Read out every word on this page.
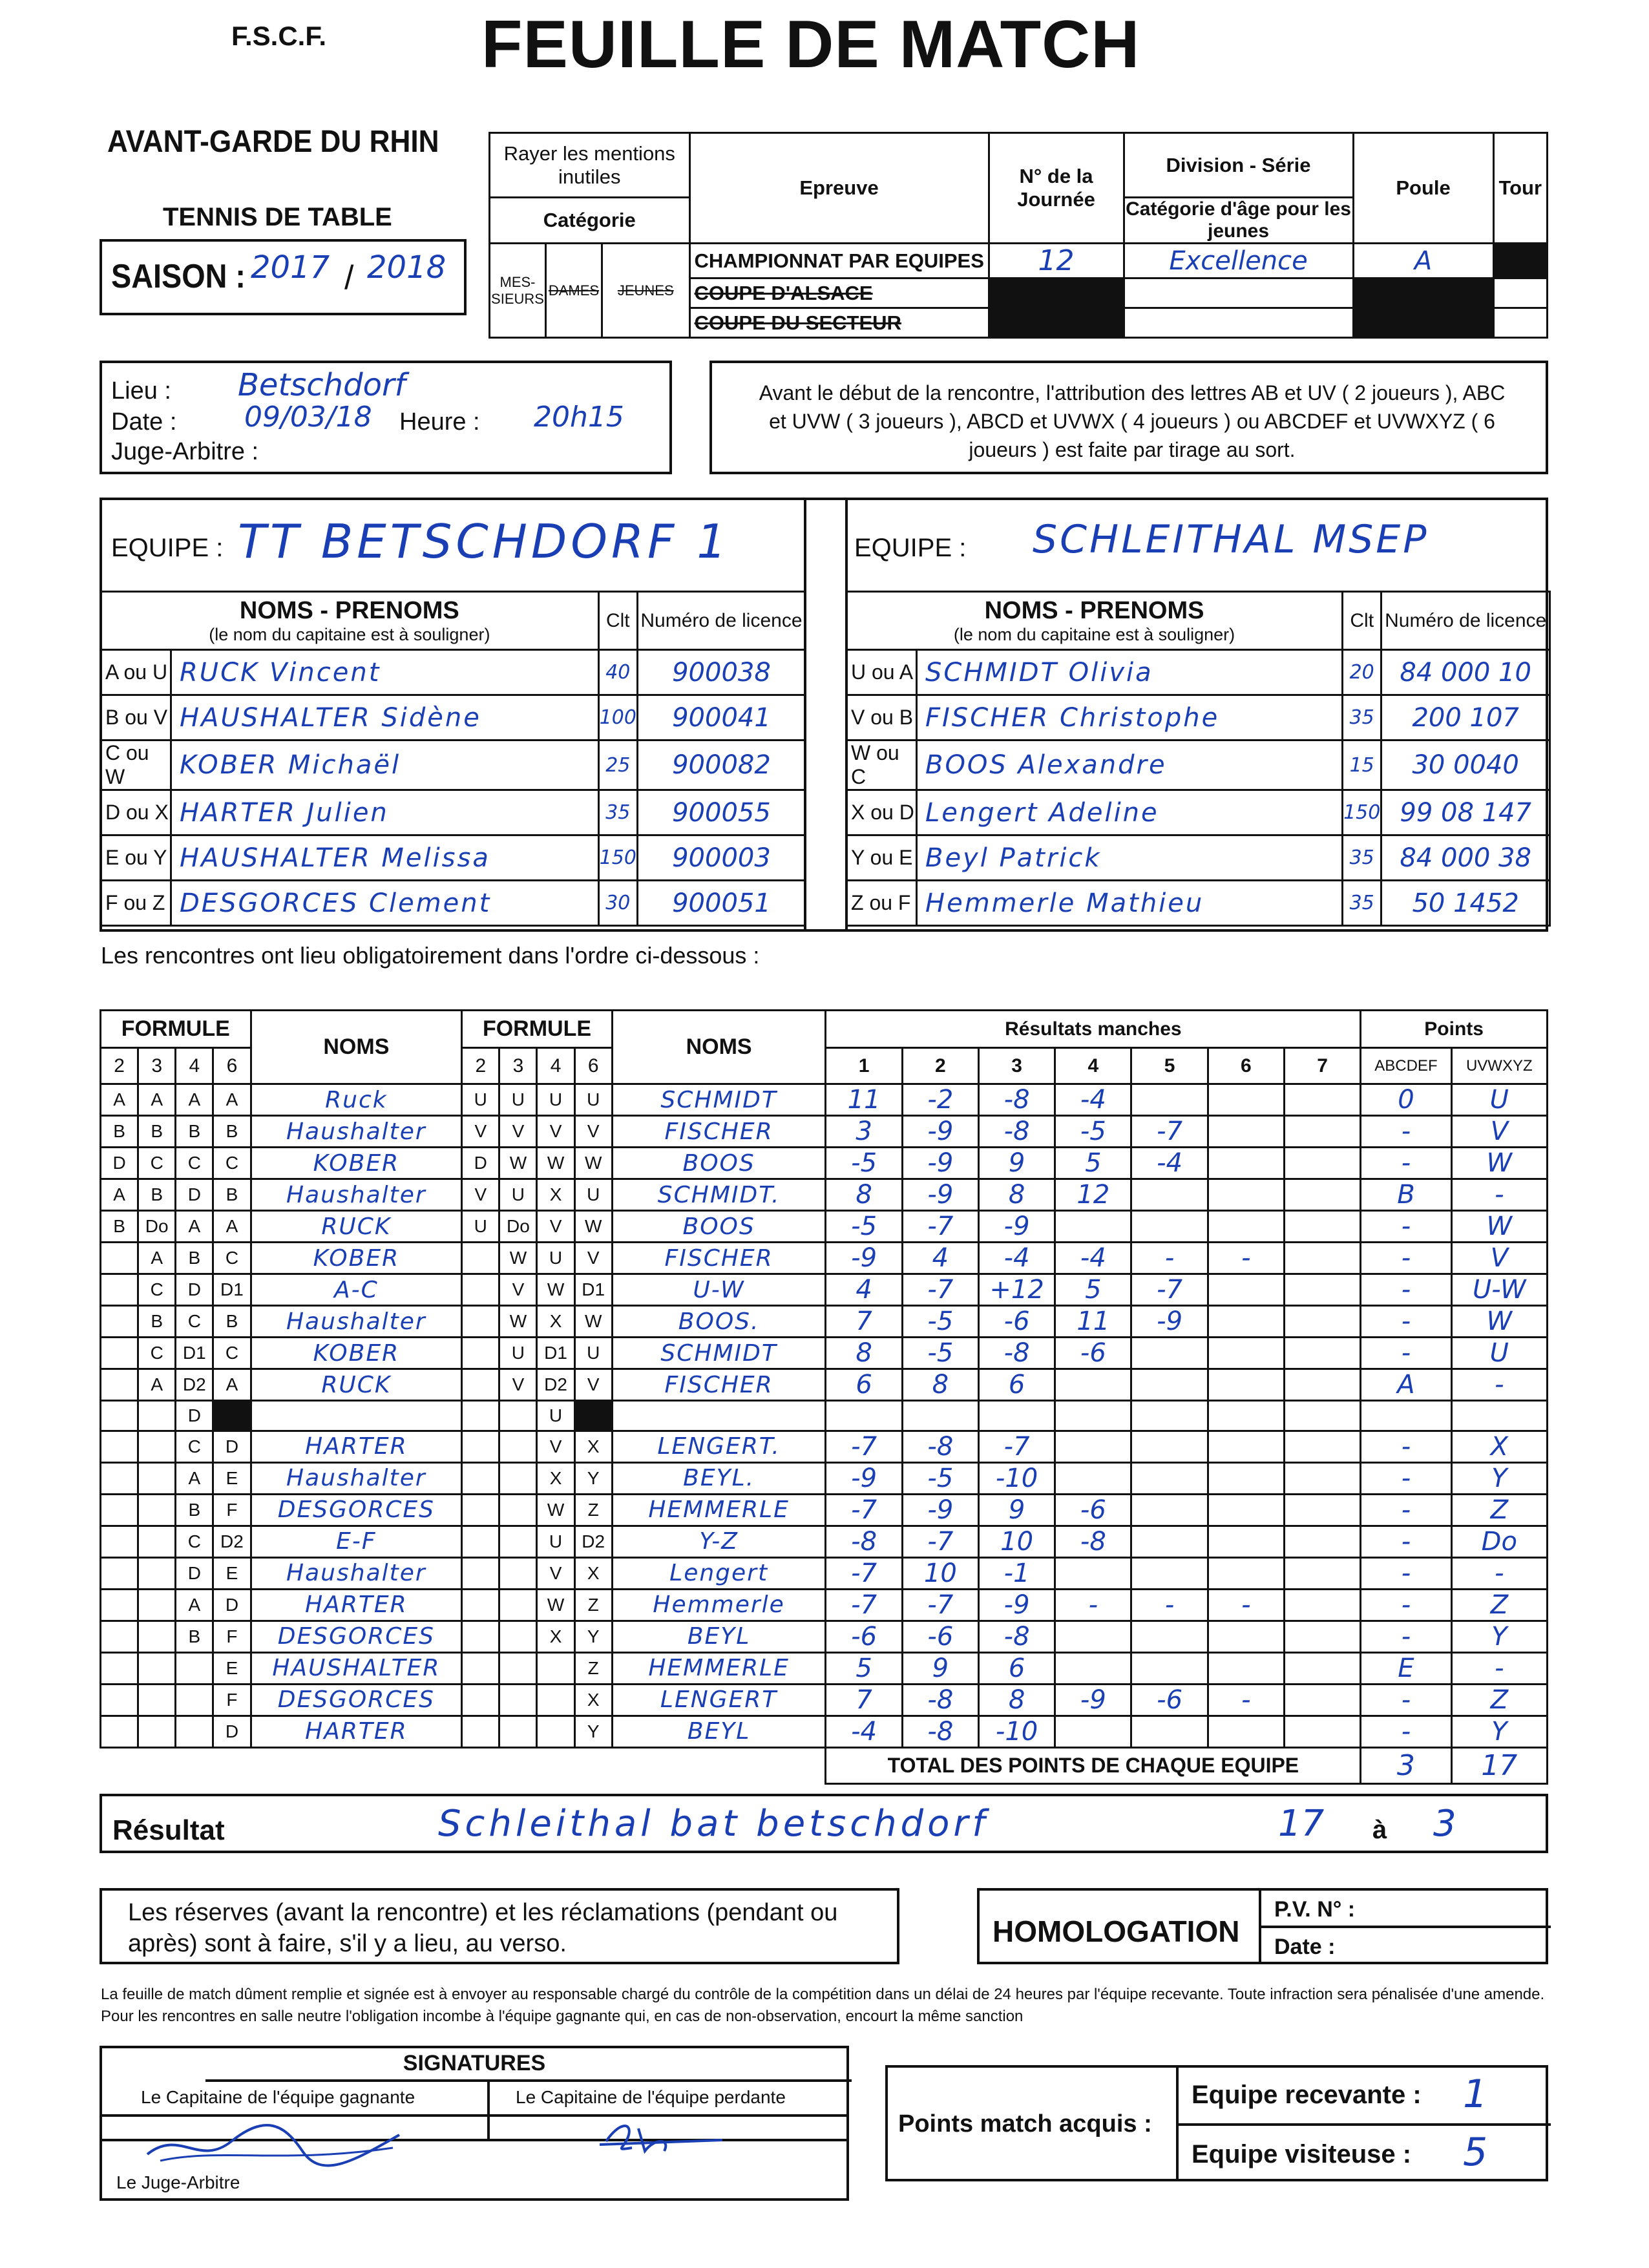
F.S.C.F. FEUILLE DE MATCH
AVANT-GARDE DU RHIN
TENNIS DE TABLE
SAISON : 2017 / 2018
Rayer les mentions inutiles			Epreuve	N° de la Journée	Division - Série	Poule	Tour
Catégorie					Catégorie d'âge pour les jeunes		
MES-SIEURS	DAMES	JEUNES	CHAMPIONNAT PAR EQUIPES	12	Excellence	A	
			COUPE D'ALSACE				
			COUPE DU SECTEUR				
Lieu : Betschdorf
Date : 09/03/18 Heure : 20h15
Juge-Arbitre :
Avant le début de la rencontre, l'attribution des lettres AB et UV ( 2 joueurs ), ABC et UVW ( 3 joueurs ), ABCD et UVWX ( 4 joueurs ) ou ABCDEF et UVWXYZ ( 6 joueurs ) est faite par tirage au sort.
EQUIPE : TT BETSCHDORF 1
NOMS - PRENOMS
(le nom du capitaine est à souligner)		Clt	Numéro de licence
A ou U	RUCK Vincent	40	900038
B ou V	HAUSHALTER Sidène	100	900041
C ou W	KOBER Michaël	25	900082
D ou X	HARTER Julien	35	900055
E ou Y	HAUSHALTER Melissa	150	900003
F ou Z	DESGORCES Clement	30	900051
EQUIPE : SCHLEITHAL MSEP
NOMS - PRENOMS
(le nom du capitaine est à souligner)		Clt	Numéro de licence
U ou A	SCHMIDT Olivia	20	84 000 10
V ou B	FISCHER Christophe	35	200 107
W ou C	BOOS Alexandre	15	30 0040
X ou D	Lengert Adeline	150	99 08 147
Y ou E	Beyl Patrick	35	84 000 38
Z ou F	Hemmerle Mathieu	35	50 1452
Les rencontres ont lieu obligatoirement dans l'ordre ci-dessous :
FORMULE				NOMS	FORMULE				NOMS	Résultats manches							Points	
2	3	4	6		2	3	4	6		1	2	3	4	5	6	7	ABCDEF	UVWXYZ
A	A	A	A	Ruck	U	U	U	U	SCHMIDT	11	-2	-8	-4				0	U
B	B	B	B	Haushalter	V	V	V	V	FISCHER	3	-9	-8	-5	-7			-	V
D	C	C	C	KOBER	D	W	W	W	BOOS	-5	-9	9	5	-4			-	W
A	B	D	B	Haushalter	V	U	X	U	SCHMIDT.	8	-9	8	12				B	-
B	Do	A	A	RUCK	U	Do	V	W	BOOS	-5	-7	-9					-	W
	A	B	C	KOBER		W	U	V	FISCHER	-9	4	-4	-4	-	-		-	V
	C	D	D1	A-C		V	W	D1	U-W	4	-7	+12	5	-7			-	U-W
	B	C	B	Haushalter		W	X	W	BOOS.	7	-5	-6	11	-9			-	W
	C	D1	C	KOBER		U	D1	U	SCHMIDT	8	-5	-8	-6				-	U
	A	D2	A	RUCK		V	D2	V	FISCHER	6	8	6					A	-
		D					U											
		C	D	HARTER			V	X	LENGERT.	-7	-8	-7					-	X
		A	E	Haushalter			X	Y	BEYL.	-9	-5	-10					-	Y
		B	F	DESGORCES			W	Z	HEMMERLE	-7	-9	9	-6				-	Z
		C	D2	E-F			U	D2	Y-Z	-8	-7	10	-8				-	Do
		D	E	Haushalter			V	X	Lengert	-7	10	-1					-	-
		A	D	HARTER			W	Z	Hemmerle	-7	-7	-9	-	-	-		-	Z
		B	F	DESGORCES			X	Y	BEYL	-6	-6	-8					-	Y
			E	HAUSHALTER				Z	HEMMERLE	5	9	6					E	-
			F	DESGORCES				X	LENGERT	7	-8	8	-9	-6	-		-	Z
			D	HARTER				Y	BEYL	-4	-8	-10					-	Y
										TOTAL DES POINTS DE CHAQUE EQUIPE							3	17
Résultat	Schleithal bat betschdorf	17 à 3
Les réserves (avant la rencontre) et les réclamations (pendant ou après) sont à faire, s'il y a lieu, au verso.	HOMOLOGATION
P.V. N° :
Date :
La feuille de match dûment remplie et signée est à envoyer au responsable chargé du contrôle de la compétition dans un délai de 24 heures par l'équipe recevante. Toute infraction sera pénalisée d'une amende. Pour les rencontres en salle neutre l'obligation incombe à l'équipe gagnante qui, en cas de non-observation, encourt la même sanction
SIGNATURES
Le Capitaine de l'équipe gagnante	Le Capitaine de l'équipe perdante
Le Juge-Arbitre
Points match acquis :
Equipe recevante : 1
Equipe visiteuse : 5
